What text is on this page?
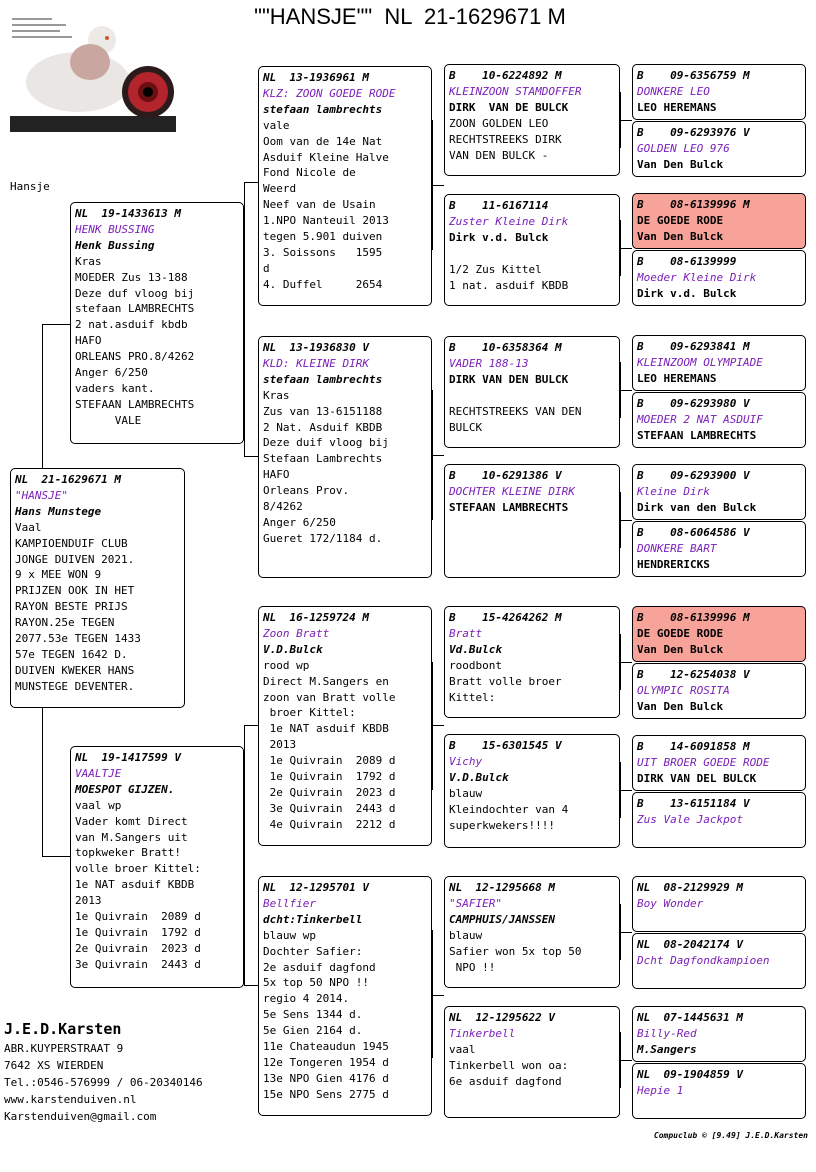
""HANSJE""  NL  21-1629671 M
Hansje
NL  21-1629671 M
"HANSJE"
Hans Munstege
Vaal
KAMPIOENDUIF CLUB
JONGE DUIVEN 2021.
9 x MEE WON 9
PRIJZEN OOK IN HET
RAYON BESTE PRIJS
RAYON.25e TEGEN
2077.53e TEGEN 1433
57e TEGEN 1642 D.
DUIVEN KWEKER HANS
MUNSTEGE DEVENTER.
NL  19-1433613 M
HENK BUSSING
Henk Bussing
Kras
MOEDER Zus 13-188
Deze duf vloog bij
stefaan LAMBRECHTS
2 nat.asduif kbdb
HAFO
ORLEANS PRO.8/4262
Anger 6/250
vaders kant.
STEFAAN LAMBRECHTS
VALE
NL  19-1417599 V
VAALTJE
MOESPOT GIJZEN.
vaal wp
Vader komt Direct
van M.Sangers uit
topkweker Bratt!
volle broer Kittel:
1e NAT asduif KBDB
2013
1e Quivrain  2089 d
1e Quivrain  1792 d
2e Quivrain  2023 d
3e Quivrain  2443 d
NL  13-1936961 M
KLZ: ZOON GOEDE RODE
stefaan lambrechts
vale
Oom van de 14e Nat
Asduif Kleine Halve
Fond Nicole de
Weerd
Neef van de Usain
1.NPO Nanteuil 2013
tegen 5.901 duiven
3. Soissons   1595
d
4. Duffel     2654
NL  13-1936830 V
KLD: KLEINE DIRK
stefaan lambrechts
Kras
Zus van 13-6151188
2 Nat. Asduif KBDB
Deze duif vloog bij
Stefaan Lambrechts
HAFO
Orleans Prov.
8/4262
Anger 6/250
Gueret 172/1184 d.
NL  16-1259724 M
Zoon Bratt
V.D.Bulck
rood wp
Direct M.Sangers en
zoon van Bratt volle
broer Kittel:
1e NAT asduif KBDB
2013
1e Quivrain  2089 d
1e Quivrain  1792 d
2e Quivrain  2023 d
3e Quivrain  2443 d
4e Quivrain  2212 d
NL  12-1295701 V
Bellfier
dcht:Tinkerbell
blauw wp
Dochter Safier:
2e asduif dagfond
5x top 50 NPO !!
regio 4 2014.
5e Sens 1344 d.
5e Gien 2164 d.
11e Chateaudun 1945
12e Tongeren 1954 d
13e NPO Gien 4176 d
15e NPO Sens 2775 d
B    10-6224892 M
KLEINZOON STAMDOFFER
DIRK  VAN DE BULCK
ZOON GOLDEN LEO
RECHTSTREEKS DIRK
VAN DEN BULCK -
B    11-6167114
Zuster Kleine Dirk
Dirk v.d. Bulck

1/2 Zus Kittel
1 nat. asduif KBDB
B    10-6358364 M
VADER 188-13
DIRK VAN DEN BULCK

RECHTSTREEKS VAN DEN
BULCK
B    10-6291386 V
DOCHTER KLEINE DIRK
STEFAAN LAMBRECHTS
B    15-4264262 M
Bratt
Vd.Bulck
roodbont
Bratt volle broer
Kittel:
B    15-6301545 V
Vichy
V.D.Bulck
blauw
Kleindochter van 4
superkwekers!!!!
NL  12-1295668 M
"SAFIER"
CAMPHUIS/JANSSEN
blauw
Safier won 5x top 50
NPO !!
NL  12-1295622 V
Tinkerbell
vaal
Tinkerbell won oa:
6e asduif dagfond
B    09-6356759 M
DONKERE LEO
LEO HEREMANS
B    09-6293976 V
GOLDEN LEO 976
Van Den Bulck
B    08-6139996 M
DE GOEDE RODE
Van Den Bulck
B    08-6139999
Moeder Kleine Dirk
Dirk v.d. Bulck
B    09-6293841 M
KLEINZOOM OLYMPIADE
LEO HEREMANS
B    09-6293980 V
MOEDER 2 NAT ASDUIF
STEFAAN LAMBRECHTS
B    09-6293900 V
Kleine Dirk
Dirk van den Bulck
B    08-6064586 V
DONKERE BART
HENDRERICKS
B    08-6139996 M
DE GOEDE RODE
Van Den Bulck
B    12-6254038 V
OLYMPIC ROSITA
Van Den Bulck
B    14-6091858 M
UIT BROER GOEDE RODE
DIRK VAN DEL BULCK
B    13-6151184 V
Zus Vale Jackpot
NL  08-2129929 M
Boy Wonder
NL  08-2042174 V
Dcht Dagfondkampioen
NL  07-1445631 M
Billy-Red
M.Sangers
NL  09-1904859 V
Hepie 1
J.E.D.Karsten
ABR.KUYPERSTRAAT 9
7642 XS WIERDEN
Tel.:0546-576999 / 06-20340146
www.karstenduiven.nl
Karstenduiven@gmail.com
Compuclub © [9.49] J.E.D.Karsten
